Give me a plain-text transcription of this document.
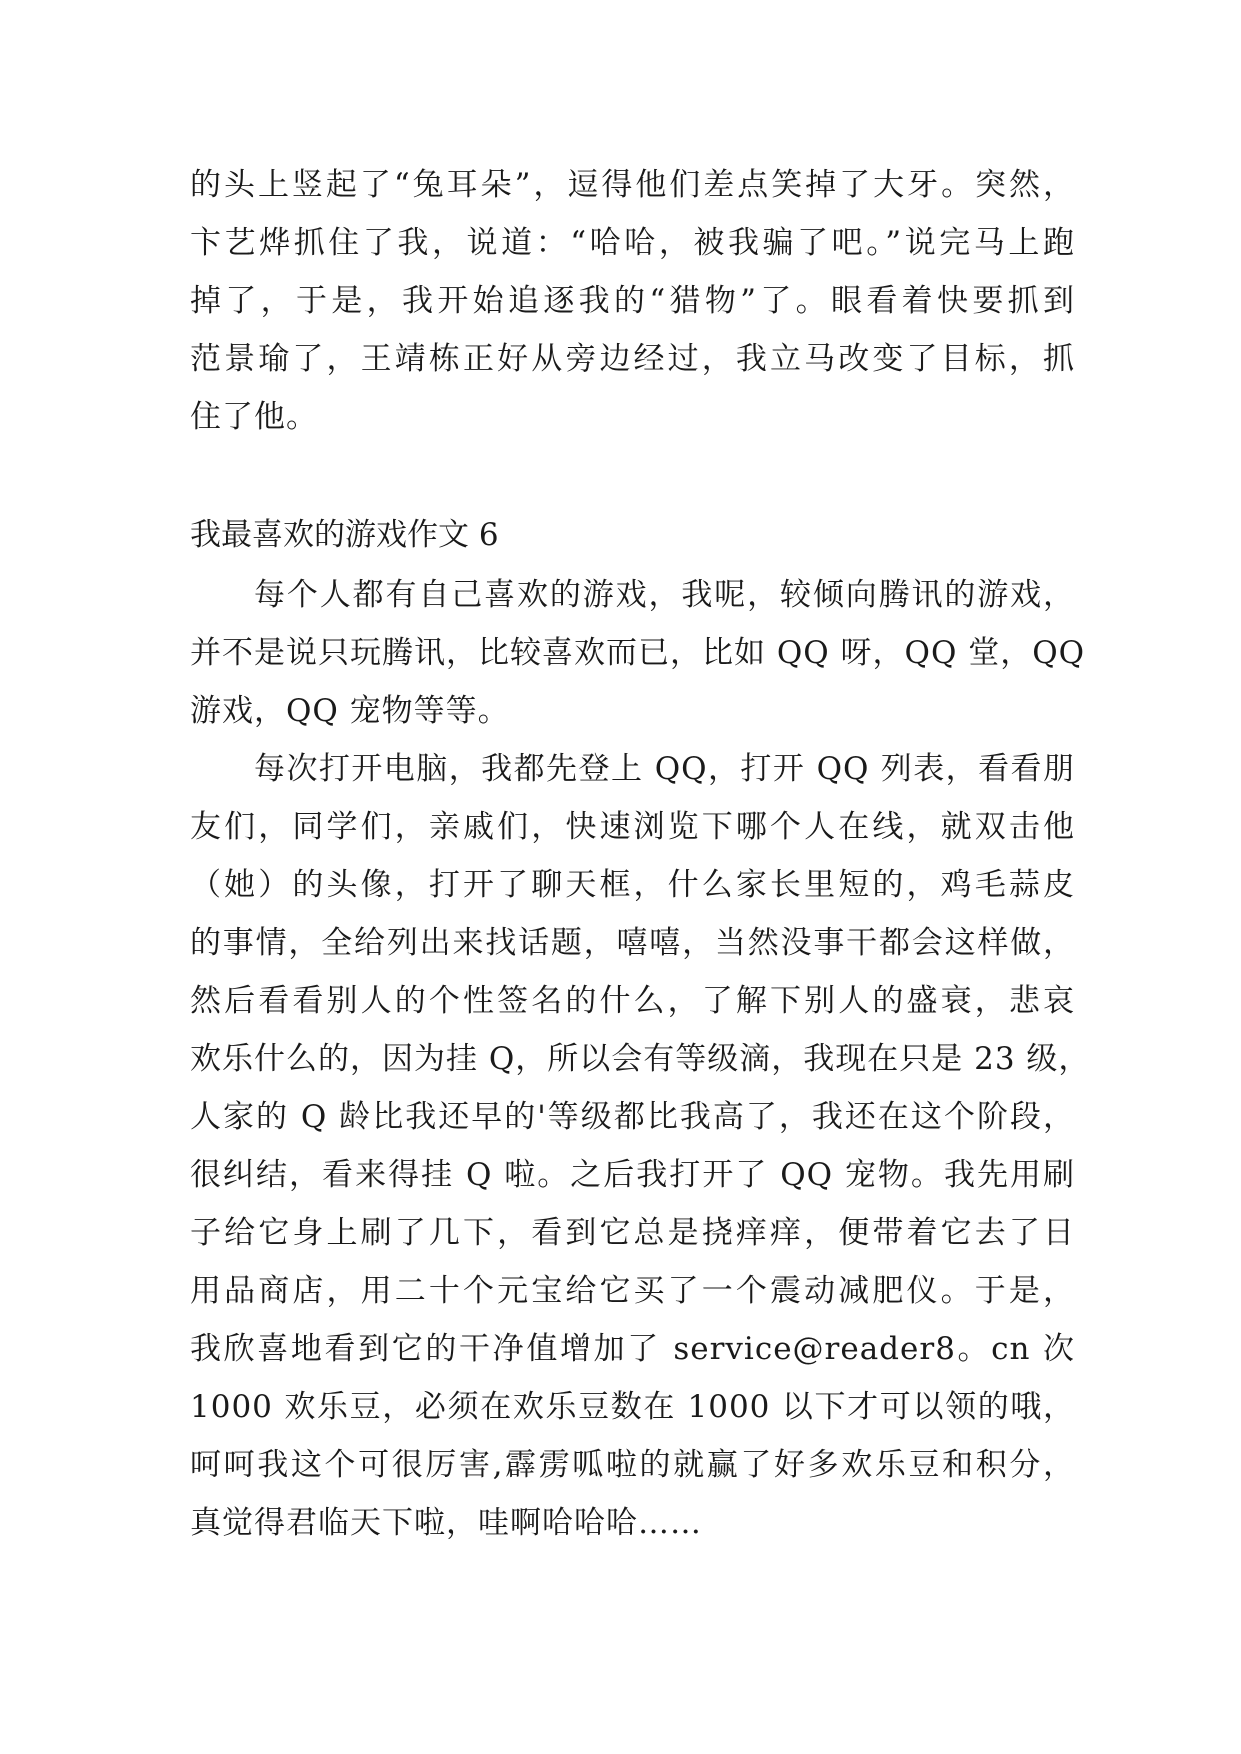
的头上竖起了“兔耳朵”，逗得他们差点笑掉了大牙。突然，
卞艺烨抓住了我，说道：“哈哈，被我骗了吧。”说完马上跑
掉了，于是，我开始追逐我的“猎物”了。眼看着快要抓到
范景瑜了，王靖栋正好从旁边经过，我立马改变了目标，抓
住了他。
我最喜欢的游戏作文 6
每个人都有自己喜欢的游戏，我呢，较倾向腾讯的游戏，
并不是说只玩腾讯，比较喜欢而已，比如 QQ 呀，QQ 堂，QQ
游戏，QQ 宠物等等。
每次打开电脑，我都先登上 QQ，打开 QQ 列表，看看朋
友们，同学们，亲戚们，快速浏览下哪个人在线，就双击他
（她）的头像，打开了聊天框，什么家长里短的，鸡毛蒜皮
的事情，全给列出来找话题，嘻嘻，当然没事干都会这样做，
然后看看别人的个性签名的什么，了解下别人的盛衰，悲哀
欢乐什么的，因为挂 Q，所以会有等级滴，我现在只是 23 级，
人家的 Q 龄比我还早的'等级都比我高了，我还在这个阶段，
很纠结，看来得挂 Q 啦。之后我打开了 QQ 宠物。我先用刷
子给它身上刷了几下，看到它总是挠痒痒，便带着它去了日
用品商店，用二十个元宝给它买了一个震动减肥仪。于是，
我欣喜地看到它的干净值增加了 service@reader8。cn 次
1000 欢乐豆，必须在欢乐豆数在 1000 以下才可以领的哦，
呵呵我这个可很厉害,霹雳呱啦的就赢了好多欢乐豆和积分，
真觉得君临天下啦，哇啊哈哈哈……
